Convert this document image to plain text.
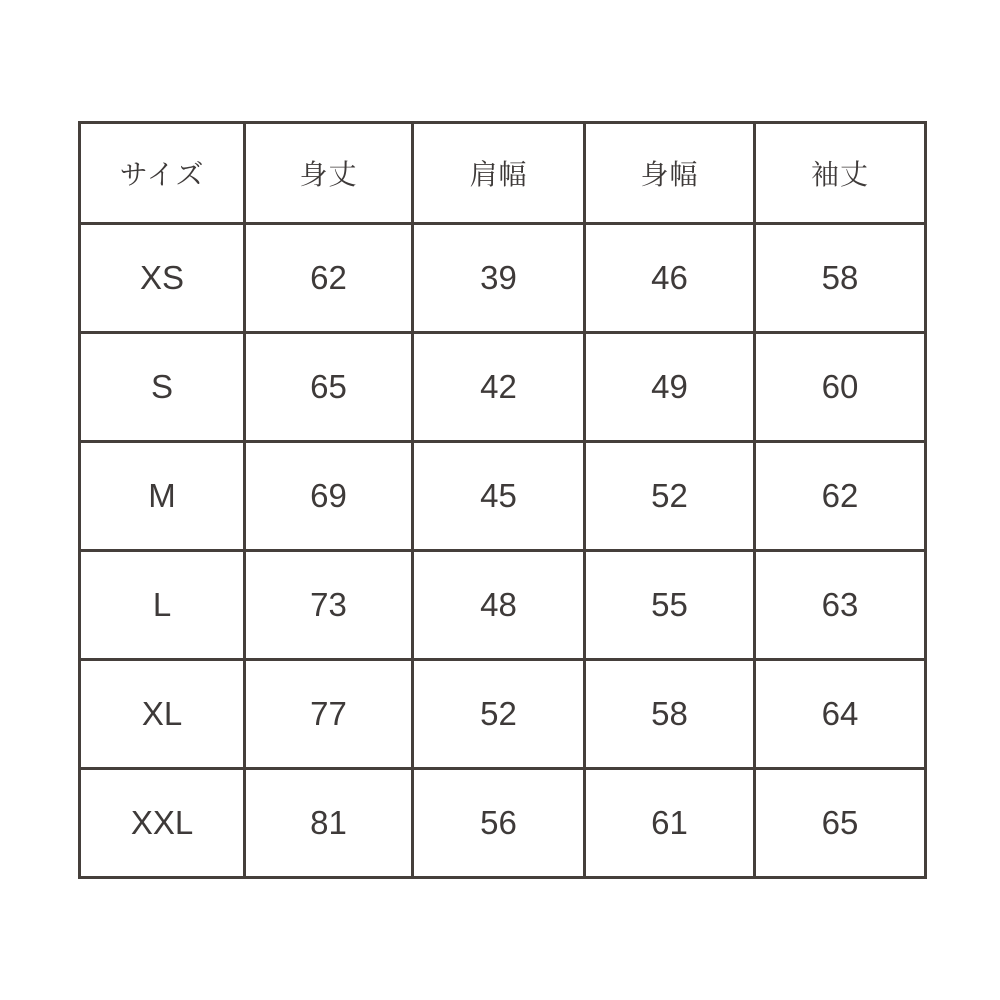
サイズ	身丈	肩幅	身幅	袖丈
XS	62	39	46	58
S	65	42	49	60
M	69	45	52	62
L	73	48	55	63
XL	77	52	58	64
XXL	81	56	61	65
